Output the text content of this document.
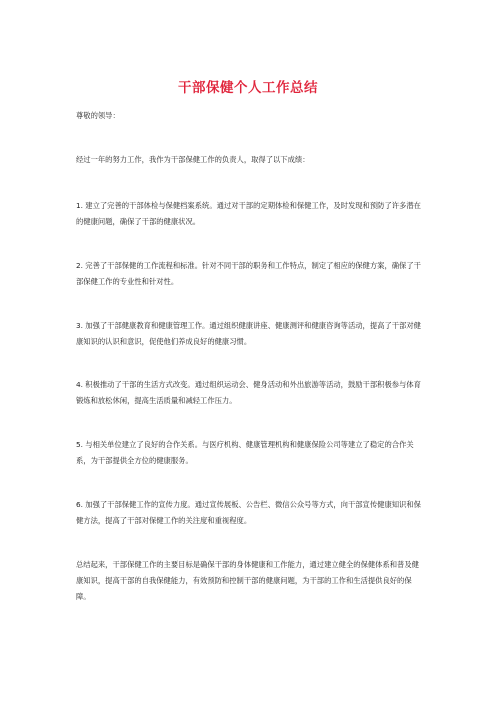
干部保健个人工作总结

尊敬的领导：

经过一年的努力工作，我作为干部保健工作的负责人，取得了以下成绩：

1. 建立了完善的干部体检与保健档案系统。通过对干部的定期体检和保健工作，及时发现和预防了许多潜在的健康问题，确保了干部的健康状况。

2. 完善了干部保健的工作流程和标准。针对不同干部的职务和工作特点，制定了相应的保健方案，确保了干部保健工作的专业性和针对性。

3. 加强了干部健康教育和健康管理工作。通过组织健康讲座、健康测评和健康咨询等活动，提高了干部对健康知识的认识和意识，促使他们养成良好的健康习惯。

4. 积极推动了干部的生活方式改变。通过组织运动会、健身活动和外出旅游等活动，鼓励干部积极参与体育锻炼和放松休闲，提高生活质量和减轻工作压力。

5. 与相关单位建立了良好的合作关系。与医疗机构、健康管理机构和健康保险公司等建立了稳定的合作关系，为干部提供全方位的健康服务。

6. 加强了干部保健工作的宣传力度。通过宣传展板、公告栏、微信公众号等方式，向干部宣传健康知识和保健方法，提高了干部对保健工作的关注度和重视程度。

总结起来，干部保健工作的主要目标是确保干部的身体健康和工作能力，通过建立健全的保健体系和普及健康知识，提高干部的自我保健能力，有效预防和控制干部的健康问题，为干部的工作和生活提供良好的保障。
